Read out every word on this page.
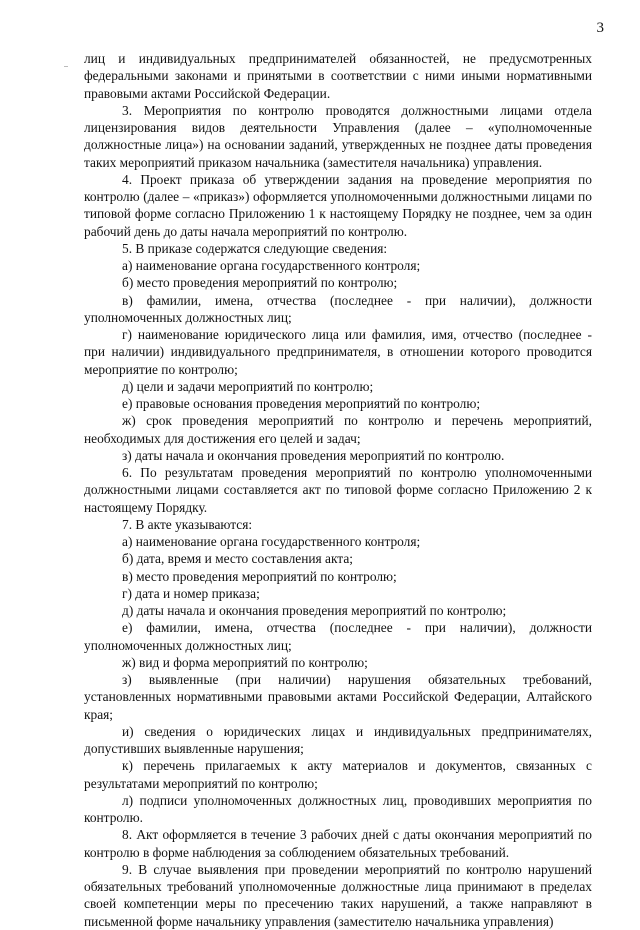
3

лиц и индивидуальных предпринимателей обязанностей, не предусмотренных федеральными законами и принятыми в соответствии с ними иными нормативными правовыми актами Российской Федерации.

3. Мероприятия по контролю проводятся должностными лицами отдела лицензирования видов деятельности Управления (далее – «уполномоченные должностные лица») на основании заданий, утвержденных не позднее даты проведения таких мероприятий приказом начальника (заместителя начальника) управления.

4. Проект приказа об утверждении задания на проведение мероприятия по контролю (далее – «приказ») оформляется уполномоченными должностными лицами по типовой форме согласно Приложению 1 к настоящему Порядку не позднее, чем за один рабочий день до даты начала мероприятий по контролю.

5. В приказе содержатся следующие сведения:

а) наименование органа государственного контроля;

б) место проведения мероприятий по контролю;

в) фамилии, имена, отчества (последнее - при наличии), должности уполномоченных должностных лиц;

г) наименование юридического лица или фамилия, имя, отчество (последнее - при наличии) индивидуального предпринимателя, в отношении которого проводится мероприятие по контролю;

д) цели и задачи мероприятий по контролю;

е) правовые основания проведения мероприятий по контролю;

ж) срок проведения мероприятий по контролю и перечень мероприятий, необходимых для достижения его целей и задач;

з) даты начала и окончания проведения мероприятий по контролю.

6. По результатам проведения мероприятий по контролю уполномоченными должностными лицами составляется акт по типовой форме согласно Приложению 2 к настоящему Порядку.

7. В акте указываются:

а) наименование органа государственного контроля;

б) дата, время и место составления акта;

в) место проведения мероприятий по контролю;

г) дата и номер приказа;

д) даты начала и окончания проведения мероприятий по контролю;

е) фамилии, имена, отчества (последнее - при наличии), должности уполномоченных должностных лиц;

ж) вид и форма мероприятий по контролю;

з) выявленные (при наличии) нарушения обязательных требований, установленных нормативными правовыми актами Российской Федерации, Алтайского края;

и) сведения о юридических лицах и индивидуальных предпринимателях, допустивших выявленные нарушения;

к) перечень прилагаемых к акту материалов и документов, связанных с результатами мероприятий по контролю;

л) подписи уполномоченных должностных лиц, проводивших мероприятия по контролю.

8. Акт оформляется в течение 3 рабочих дней с даты окончания мероприятий по контролю в форме наблюдения за соблюдением обязательных требований.

9. В случае выявления при проведении мероприятий по контролю нарушений обязательных требований уполномоченные должностные лица принимают в пределах своей компетенции меры по пресечению таких нарушений, а также направляют в письменной форме начальнику управления (заместителю начальника управления)
